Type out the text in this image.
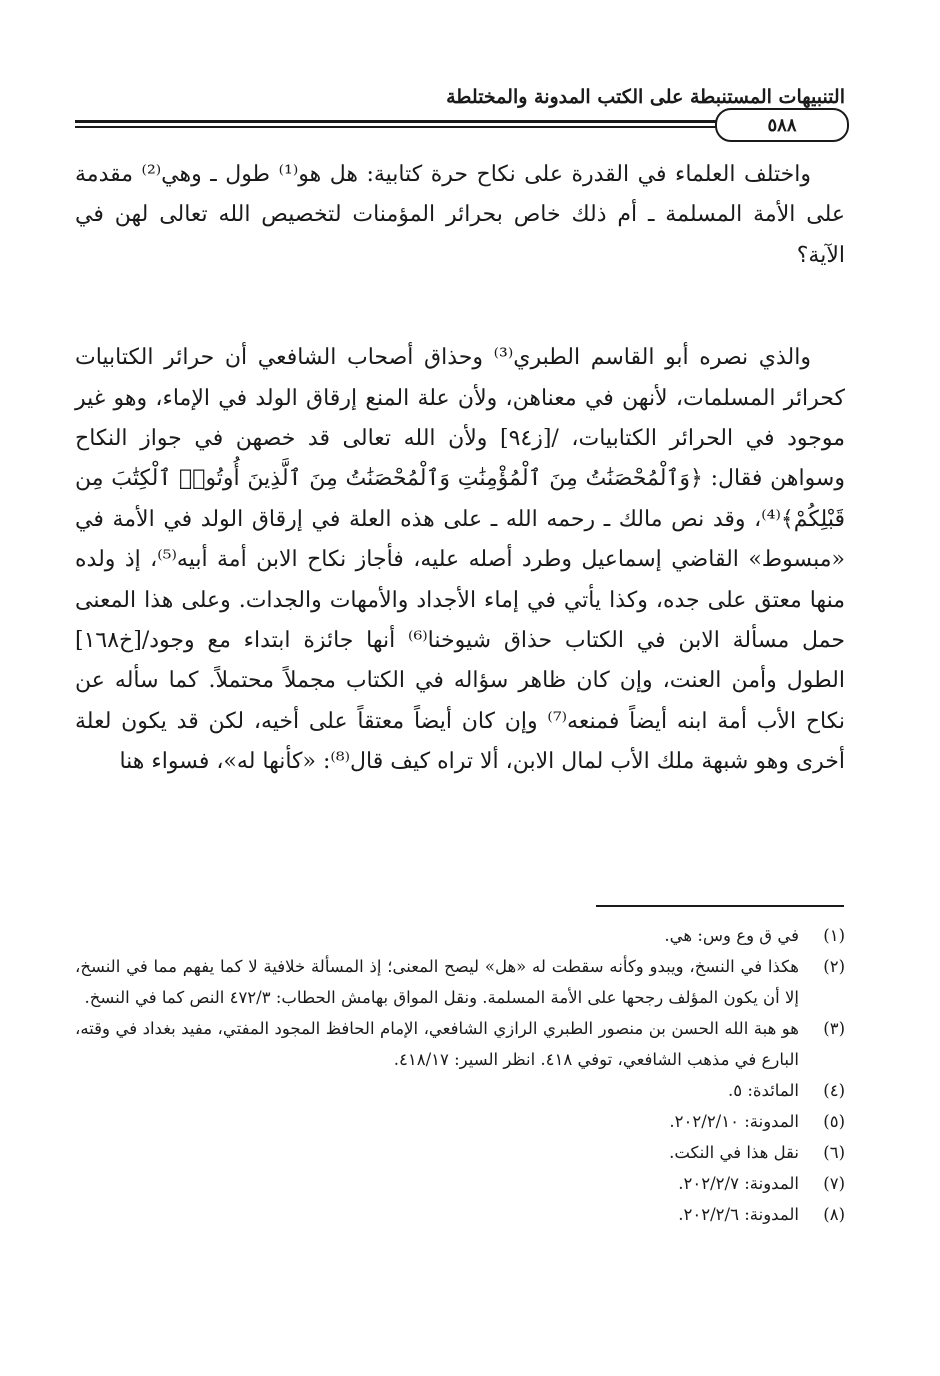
التنبيهات المستنبطة على الكتب المدونة والمختلطة
٥٨٨

واختلف العلماء في القدرة على نكاح حرة كتابية: هل هو⁽¹⁾ طول ـ وهي⁽²⁾ مقدمة على الأمة المسلمة ـ أم ذلك خاص بحرائر المؤمنات لتخصيص الله تعالى لهن في الآية؟

والذي نصره أبو القاسم الطبري⁽³⁾ وحذاق أصحاب الشافعي أن حرائر الكتابيات كحرائر المسلمات، لأنهن في معناهن، ولأن علة المنع إرقاق الولد في الإماء، وهو غير موجود في الحرائر الكتابيات، /[ز٩٤] ولأن الله تعالى قد خصهن في جواز النكاح وسواهن فقال: ﴿وَٱلْمُحْصَنَٰتُ مِنَ ٱلْمُؤْمِنَٰتِ وَٱلْمُحْصَنَٰتُ مِنَ ٱلَّذِينَ أُوتُوا۟ ٱلْكِتَٰبَ مِن قَبْلِكُمْ﴾⁽⁴⁾، وقد نص مالك ـ رحمه الله ـ على هذه العلة في إرقاق الولد في الأمة في «مبسوط» القاضي إسماعيل وطرد أصله عليه، فأجاز نكاح الابن أمة أبيه⁽⁵⁾، إذ ولده منها معتق على جده، وكذا يأتي في إماء الأجداد والأمهات والجدات. وعلى هذا المعنى حمل مسألة الابن في الكتاب حذاق شيوخنا⁽⁶⁾ أنها جائزة ابتداء مع وجود/[خ١٦٨] الطول وأمن العنت، وإن كان ظاهر سؤاله في الكتاب مجملاً محتملاً. كما سأله عن نكاح الأب أمة ابنه أيضاً فمنعه⁽⁷⁾ وإن كان أيضاً معتقاً على أخيه، لكن قد يكون لعلة أخرى وهو شبهة ملك الأب لمال الابن، ألا تراه كيف قال⁽⁸⁾: «كأنها له»، فسواء هنا

(١)
في ق وع وس: هي.
(٢)
هكذا في النسخ، ويبدو وكأنه سقطت له «هل» ليصح المعنى؛ إذ المسألة خلافية لا كما يفهم مما في النسخ، إلا أن يكون المؤلف رجحها على الأمة المسلمة. ونقل المواق بهامش الحطاب: ٤٧٢/٣ النص كما في النسخ.
(٣)
هو هبة الله الحسن بن منصور الطبري الرازي الشافعي، الإمام الحافظ المجود المفتي، مفيد بغداد في وقته، البارع في مذهب الشافعي، توفي ٤١٨. انظر السير: ٤١٨/١٧.
(٤)
المائدة: ٥.
(٥)
المدونة: ٢٠٢/٢/١٠.
(٦)
نقل هذا في النكت.
(٧)
المدونة: ٢٠٢/٢/٧.
(٨)
المدونة: ٢٠٢/٢/٦.
